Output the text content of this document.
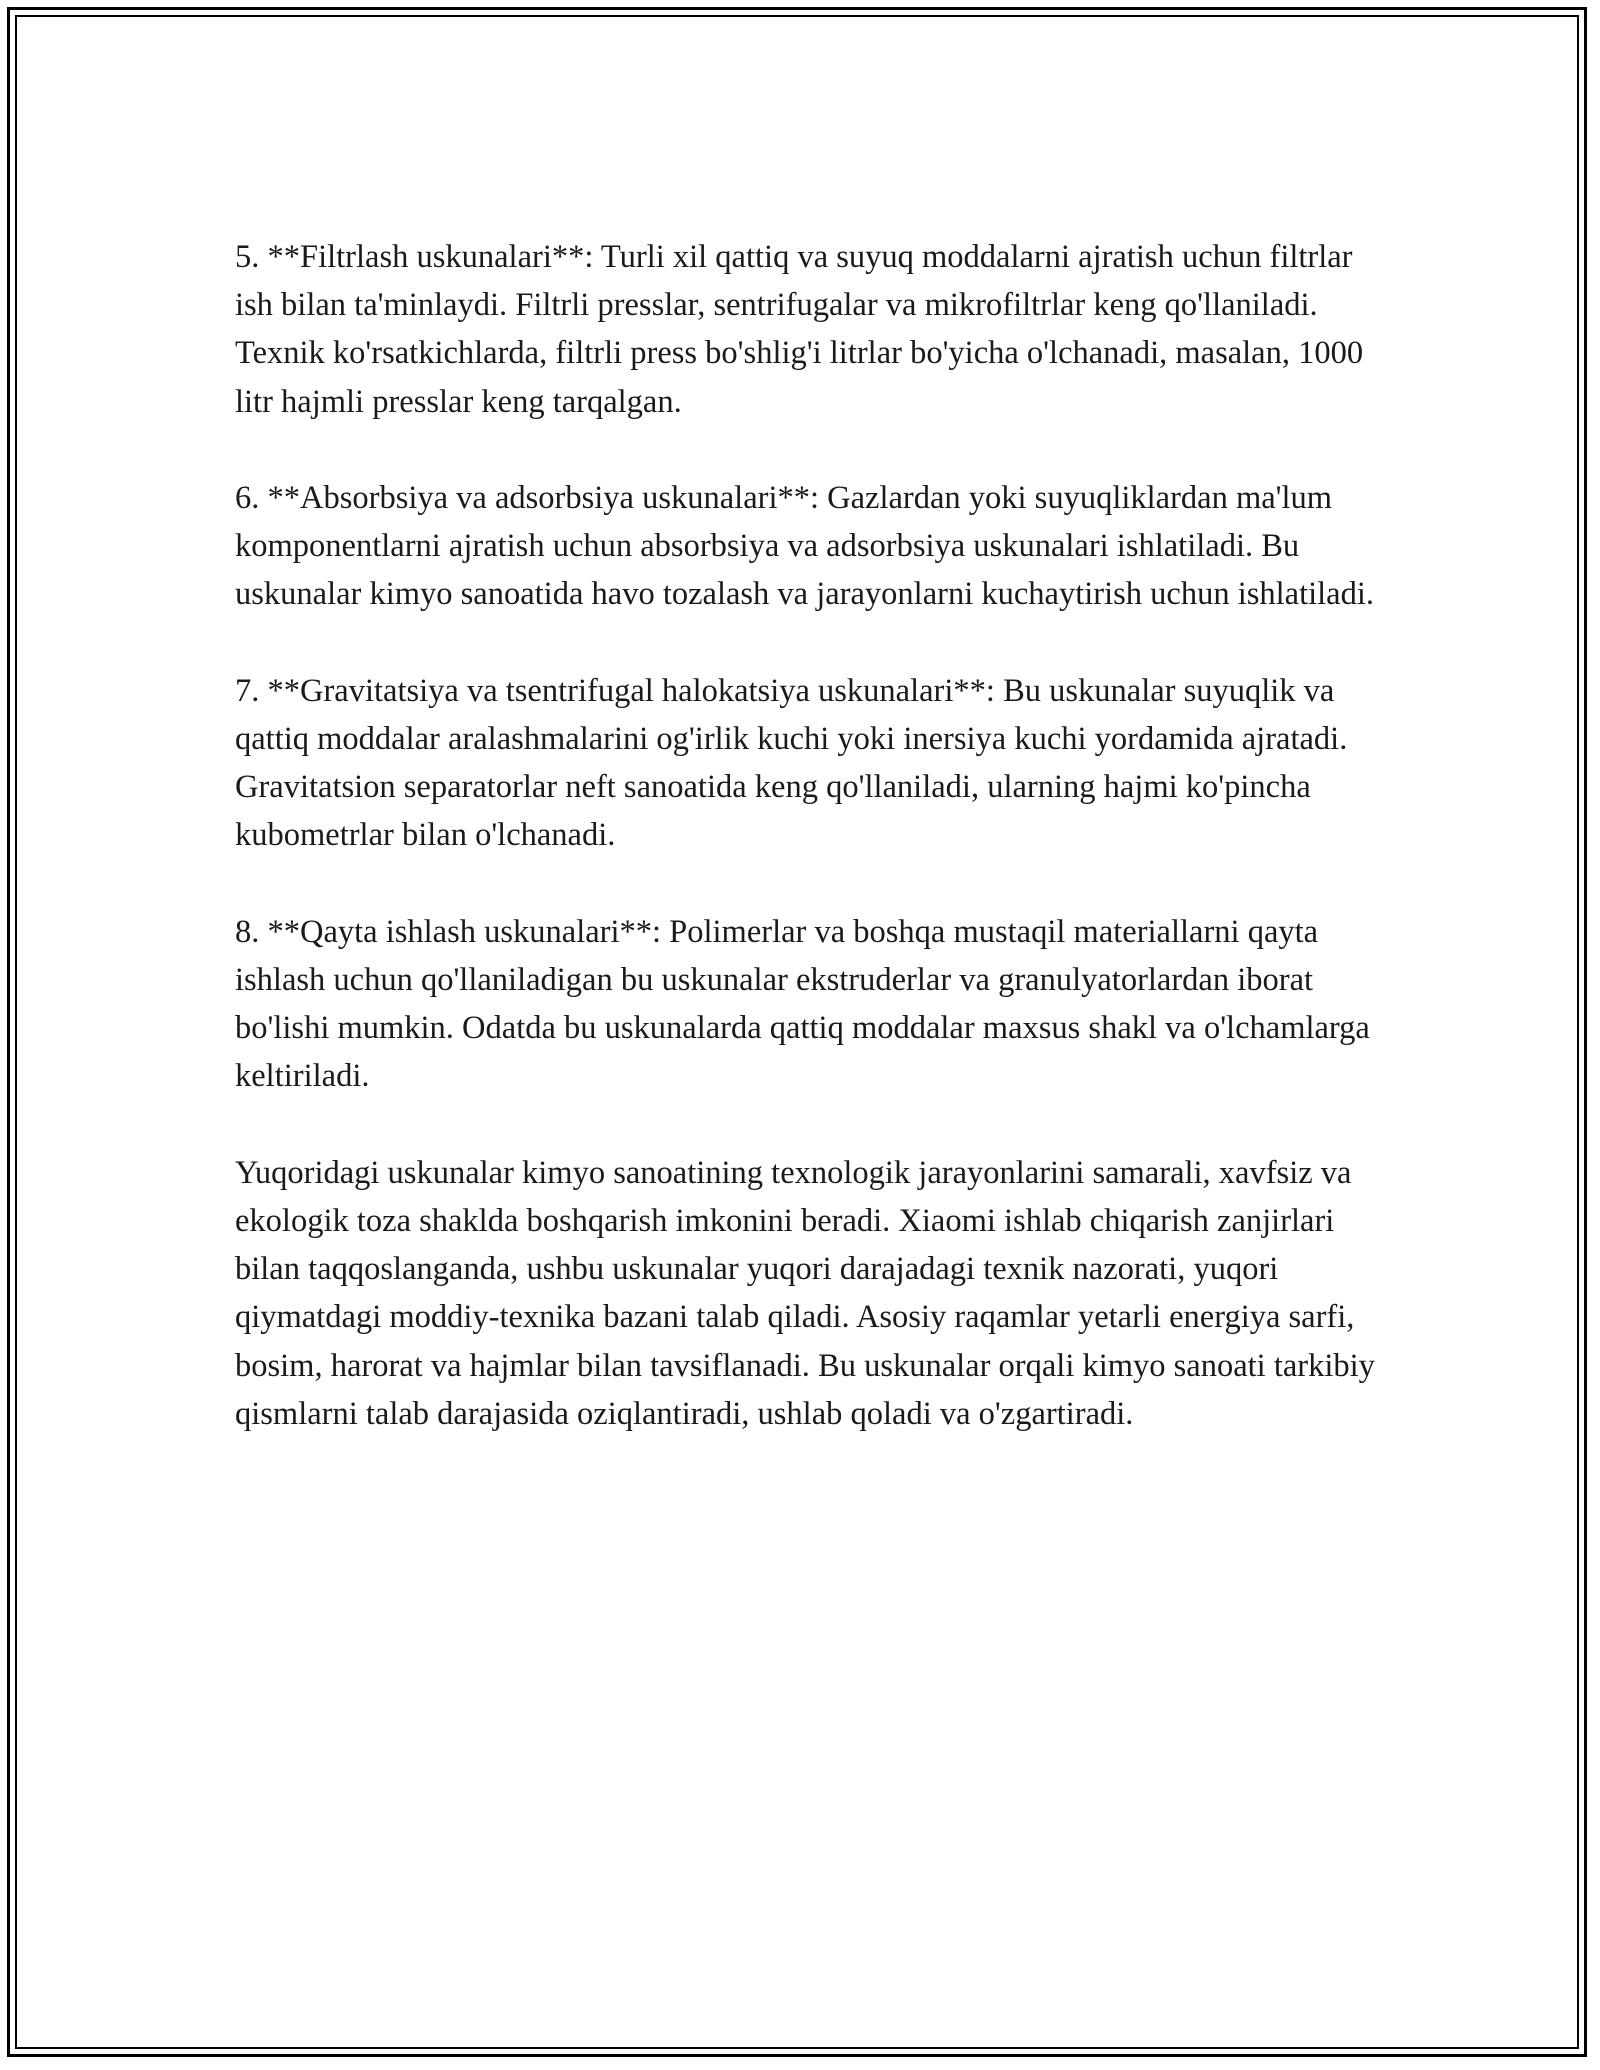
5. **Filtrlash uskunalari**: Turli xil qattiq va suyuq moddalarni ajratish uchun filtrlar ish bilan ta'minlaydi. Filtrli presslar, sentrifugalar va mikrofiltrlar keng qo'llaniladi. Texnik ko'rsatkichlarda, filtrli press bo'shlig'i litrlar bo'yicha o'lchanadi, masalan, 1000 litr hajmli presslar keng tarqalgan.

6. **Absorbsiya va adsorbsiya uskunalari**: Gazlardan yoki suyuqliklardan ma'lum komponentlarni ajratish uchun absorbsiya va adsorbsiya uskunalari ishlatiladi. Bu uskunalar kimyo sanoatida havo tozalash va jarayonlarni kuchaytirish uchun ishlatiladi.

7. **Gravitatsiya va tsentrifugal halokatsiya uskunalari**: Bu uskunalar suyuqlik va qattiq moddalar aralashmalarini og'irlik kuchi yoki inersiya kuchi yordamida ajratadi. Gravitatsion separatorlar neft sanoatida keng qo'llaniladi, ularning hajmi ko'pincha kubometrlar bilan o'lchanadi.

8. **Qayta ishlash uskunalari**: Polimerlar va boshqa mustaqil materiallarni qayta ishlash uchun qo'llaniladigan bu uskunalar ekstruderlar va granulyatorlardan iborat bo'lishi mumkin. Odatda bu uskunalarda qattiq moddalar maxsus shakl va o'lchamlarga keltiriladi.

Yuqoridagi uskunalar kimyo sanoatining texnologik jarayonlarini samarali, xavfsiz va ekologik toza shaklda boshqarish imkonini beradi. Xiaomi ishlab chiqarish zanjirlari bilan taqqoslanganda, ushbu uskunalar yuqori darajadagi texnik nazorati, yuqori qiymatdagi moddiy-texnika bazani talab qiladi. Asosiy raqamlar yetarli energiya sarfi, bosim, harorat va hajmlar bilan tavsiflanadi. Bu uskunalar orqali kimyo sanoati tarkibiy qismlarni talab darajasida oziqlantiradi, ushlab qoladi va o'zgartiradi.
